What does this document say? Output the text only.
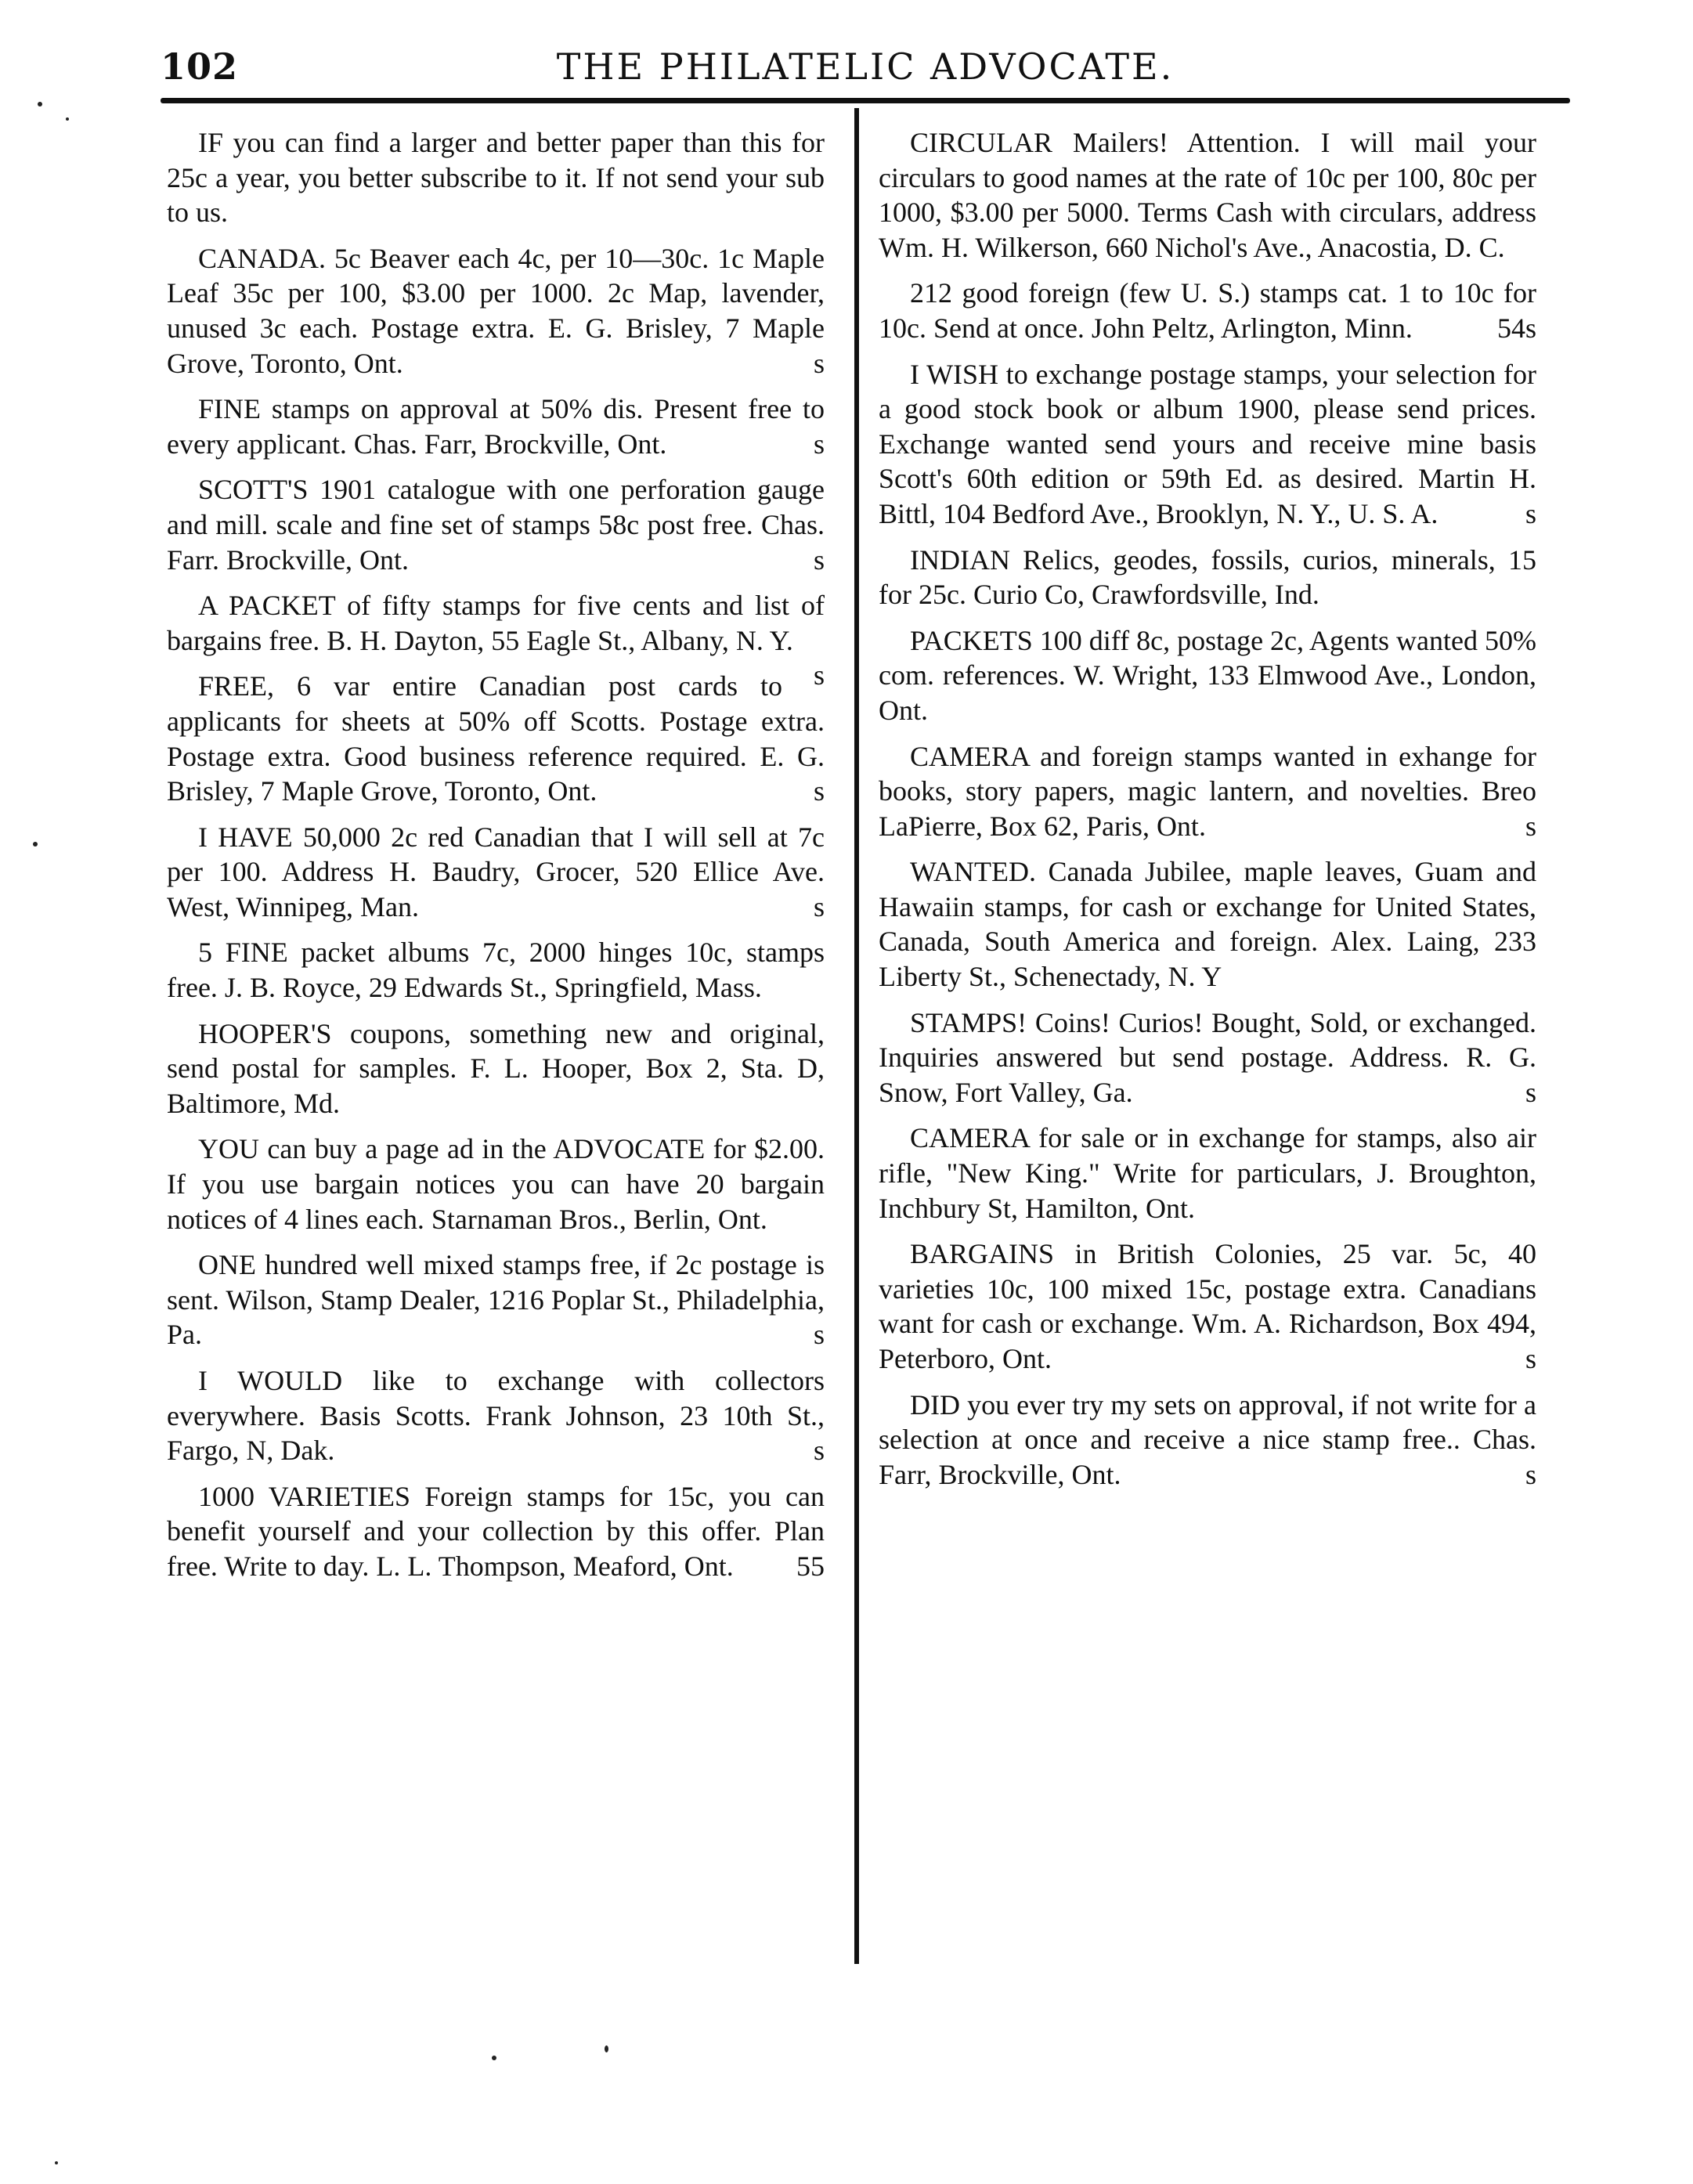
102	THE PHILATELIC ADVOCATE.

IF you can find a larger and better paper than this for 25c a year, you better subscribe to it. If not send your sub to us.

CANADA. 5c Beaver each 4c, per 10—30c. 1c Maple Leaf 35c per 100, $3.00 per 1000. 2c Map, lavender, unused 3c each. Postage extra. E. G. Brisley, 7 Maple Grove, Toronto, Ont.	s

FINE stamps on approval at 50% dis. Present free to every applicant. Chas. Farr, Brockville, Ont.	s

SCOTT'S 1901 catalogue with one perforation gauge and mill. scale and fine set of stamps 58c post free. Chas. Farr. Brockville, Ont.	s

A PACKET of fifty stamps for five cents and list of bargains free. B. H. Dayton, 55 Eagle St., Albany, N. Y.
s

FREE, 6 var entire Canadian post cards to applicants for sheets at 50% off Scotts. Postage extra. Postage extra. Good business reference required. E. G. Brisley, 7 Maple Grove, Toronto, Ont.	s

I HAVE 50,000 2c red Canadian that I will sell at 7c per 100. Address H. Baudry, Grocer, 520 Ellice Ave. West, Winnipeg, Man.	s

5 FINE packet albums 7c, 2000 hinges 10c, stamps free. J. B. Royce, 29 Edwards St., Springfield, Mass.

HOOPER'S coupons, something new and original, send postal for samples. F. L. Hooper, Box 2, Sta. D, Baltimore, Md.

YOU can buy a page ad in the ADVOCATE for $2.00. If you use bargain notices you can have 20 bargain notices of 4 lines each. Starnaman Bros., Berlin, Ont.

ONE hundred well mixed stamps free, if 2c postage is sent. Wilson, Stamp Dealer, 1216 Poplar St., Philadelphia, Pa.	s

I WOULD like to exchange with collectors everywhere. Basis Scotts. Frank Johnson, 23 10th St., Fargo, N, Dak.	s

1000 VARIETIES Foreign stamps for 15c, you can benefit yourself and your collection by this offer. Plan free. Write to day. L. L. Thompson, Meaford, Ont.	55

CIRCULAR Mailers! Attention. I will mail your circulars to good names at the rate of 10c per 100, 80c per 1000, $3.00 per 5000. Terms Cash with circulars, address Wm. H. Wilkerson, 660 Nichol's Ave., Anacostia, D. C.

212 good foreign (few U. S.) stamps cat. 1 to 10c for 10c. Send at once. John Peltz, Arlington, Minn.	54s

I WISH to exchange postage stamps, your selection for a good stock book or album 1900, please send prices. Exchange wanted send yours and receive mine basis Scott's 60th edition or 59th Ed. as desired. Martin H. Bittl, 104 Bedford Ave., Brooklyn, N. Y., U. S. A.	s

INDIAN Relics, geodes, fossils, curios, minerals, 15 for 25c. Curio Co, Crawfordsville, Ind.

PACKETS 100 diff 8c, postage 2c, Agents wanted 50% com. references. W. Wright, 133 Elmwood Ave., London, Ont.

CAMERA and foreign stamps wanted in exhange for books, story papers, magic lantern, and novelties. Breo LaPierre, Box 62, Paris, Ont.	s

WANTED. Canada Jubilee, maple leaves, Guam and Hawaiin stamps, for cash or exchange for United States, Canada, South America and foreign. Alex. Laing, 233 Liberty St., Schenectady, N. Y

STAMPS! Coins! Curios! Bought, Sold, or exchanged. Inquiries answered but send postage. Address. R. G. Snow, Fort Valley, Ga.	s

CAMERA for sale or in exchange for stamps, also air rifle, "New King." Write for particulars, J. Broughton, Inchbury St, Hamilton, Ont.

BARGAINS in British Colonies, 25 var. 5c, 40 varieties 10c, 100 mixed 15c, postage extra. Canadians want for cash or exchange. Wm. A. Richardson, Box 494, Peterboro, Ont.	s

DID you ever try my sets on approval, if not write for a selection at once and receive a nice stamp free.. Chas. Farr, Brockville, Ont.	s
